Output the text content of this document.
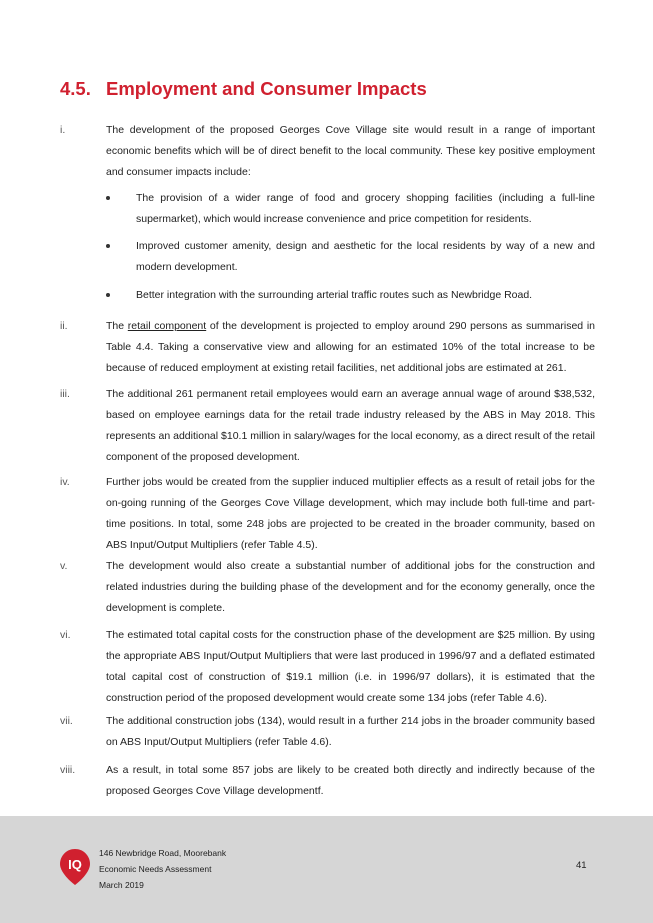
4.5. Employment and Consumer Impacts
i.	The development of the proposed Georges Cove Village site would result in a range of important economic benefits which will be of direct benefit to the local community. These key positive employment and consumer impacts include:
The provision of a wider range of food and grocery shopping facilities (including a full-line supermarket), which would increase convenience and price competition for residents.
Improved customer amenity, design and aesthetic for the local residents by way of a new and modern development.
Better integration with the surrounding arterial traffic routes such as Newbridge Road.
ii.	The retail component of the development is projected to employ around 290 persons as summarised in Table 4.4. Taking a conservative view and allowing for an estimated 10% of the total increase to be because of reduced employment at existing retail facilities, net additional jobs are estimated at 261.
iii.	The additional 261 permanent retail employees would earn an average annual wage of around $38,532, based on employee earnings data for the retail trade industry released by the ABS in May 2018. This represents an additional $10.1 million in salary/wages for the local economy, as a direct result of the retail component of the proposed development.
iv.	Further jobs would be created from the supplier induced multiplier effects as a result of retail jobs for the on-going running of the Georges Cove Village development, which may include both full-time and part-time positions. In total, some 248 jobs are projected to be created in the broader community, based on ABS Input/Output Multipliers (refer Table 4.5).
v.	The development would also create a substantial number of additional jobs for the construction and related industries during the building phase of the development and for the economy generally, once the development is complete.
vi.	The estimated total capital costs for the construction phase of the development are $25 million. By using the appropriate ABS Input/Output Multipliers that were last produced in 1996/97 and a deflated estimated total capital cost of construction of $19.1 million (i.e. in 1996/97 dollars), it is estimated that the construction period of the proposed development would create some 134 jobs (refer Table 4.6).
vii.	The additional construction jobs (134), would result in a further 214 jobs in the broader community based on ABS Input/Output Multipliers (refer Table 4.6).
viii.	As a result, in total some 857 jobs are likely to be created both directly and indirectly because of the proposed Georges Cove Village developmentf.
IQ
146 Newbridge Road, Moorebank
Economic Needs Assessment
March 2019
41
